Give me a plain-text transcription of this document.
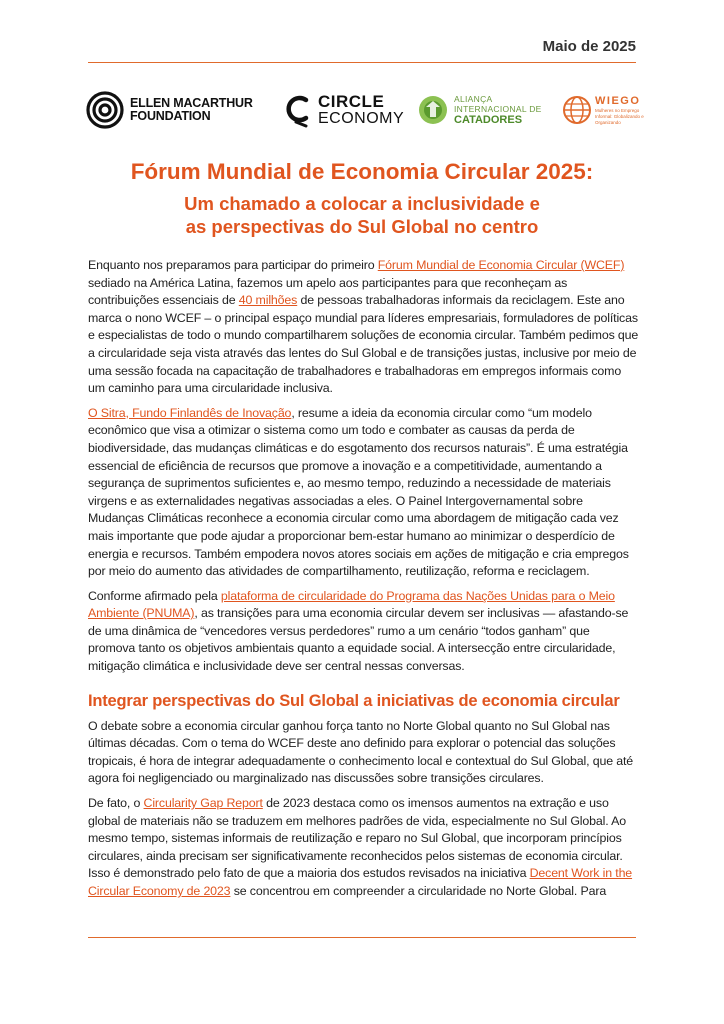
Maio de 2025
ELLEN MACARTHUR
FOUNDATION
CIRCLE
ECONOMY
ALIANÇA
INTERNACIONAL DE
CATADORES
WIEGO
Mulheres no Emprego Informal: Globalizando e Organizando
Fórum Mundial de Economia Circular 2025:
Um chamado a colocar a inclusividade e
as perspectivas do Sul Global no centro

Enquanto nos preparamos para participar do primeiro Fórum Mundial de Economia Circular (WCEF) sediado na América Latina, fazemos um apelo aos participantes para que reconheçam as contribuições essenciais de 40 milhões de pessoas trabalhadoras informais da reciclagem. Este ano marca o nono WCEF – o principal espaço mundial para líderes empresariais, formuladores de políticas e especialistas de todo o mundo compartilharem soluções de economia circular. Também pedimos que a circularidade seja vista através das lentes do Sul Global e de transições justas, inclusive por meio de uma sessão focada na capacitação de trabalhadores e trabalhadoras em empregos informais como um caminho para uma circularidade inclusiva.

O Sitra, Fundo Finlandês de Inovação, resume a ideia da economia circular como “um modelo econômico que visa a otimizar o sistema como um todo e combater as causas da perda de biodiversidade, das mudanças climáticas e do esgotamento dos recursos naturais”. É uma estratégia essencial de eficiência de recursos que promove a inovação e a competitividade, aumentando a segurança de suprimentos suficientes e, ao mesmo tempo, reduzindo a necessidade de materiais virgens e as externalidades negativas associadas a eles. O Painel Intergovernamental sobre Mudanças Climáticas reconhece a economia circular como uma abordagem de mitigação cada vez mais importante que pode ajudar a proporcionar bem-estar humano ao minimizar o desperdício de energia e recursos. Também empodera novos atores sociais em ações de mitigação e cria empregos por meio do aumento das atividades de compartilhamento, reutilização, reforma e reciclagem.

Conforme afirmado pela plataforma de circularidade do Programa das Nações Unidas para o Meio Ambiente (PNUMA), as transições para uma economia circular devem ser inclusivas — afastando-se de uma dinâmica de “vencedores versus perdedores” rumo a um cenário “todos ganham” que promova tanto os objetivos ambientais quanto a equidade social. A intersecção entre circularidade, mitigação climática e inclusividade deve ser central nessas conversas.

Integrar perspectivas do Sul Global a iniciativas de economia circular

O debate sobre a economia circular ganhou força tanto no Norte Global quanto no Sul Global nas últimas décadas. Com o tema do WCEF deste ano definido para explorar o potencial das soluções tropicais, é hora de integrar adequadamente o conhecimento local e contextual do Sul Global, que até agora foi negligenciado ou marginalizado nas discussões sobre transições circulares.

De fato, o Circularity Gap Report de 2023 destaca como os imensos aumentos na extração e uso global de materiais não se traduzem em melhores padrões de vida, especialmente no Sul Global. Ao mesmo tempo, sistemas informais de reutilização e reparo no Sul Global, que incorporam princípios circulares, ainda precisam ser significativamente reconhecidos pelos sistemas de economia circular. Isso é demonstrado pelo fato de que a maioria dos estudos revisados na iniciativa Decent Work in the Circular Economy de 2023 se concentrou em compreender a circularidade no Norte Global. Para
